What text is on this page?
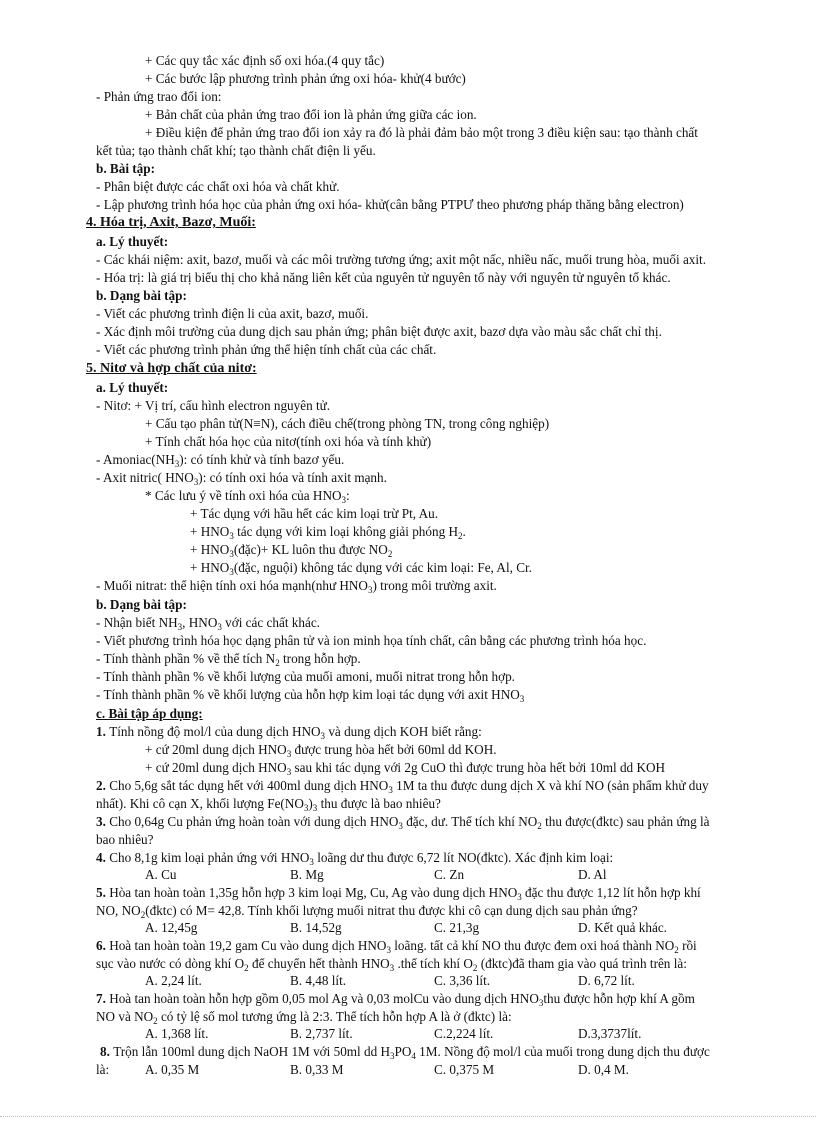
+ Các quy tắc xác định số oxi hóa.(4 quy tắc)
+ Các bước lập phương trình phản ứng oxi hóa- khử(4 bước)
- Phản ứng trao đổi ion:
+ Bản chất của phản ứng trao đổi ion là phản ứng giữa các ion.
+ Điều kiện để phản ứng trao đổi ion xảy ra đó là phải đảm bảo một trong 3 điều kiện sau: tạo thành chất
kết tủa; tạo thành chất khí; tạo thành chất điện li yếu.
b. Bài tập:
- Phân biệt được các chất oxi hóa và chất khử.
- Lập phương trình hóa học của phản ứng oxi hóa- khử(cân bằng PTPƯ theo phương pháp thăng bằng electron)
4. Hóa trị, Axit, Bazơ, Muối:
a. Lý thuyết:
- Các khái niệm: axit, bazơ, muối và các môi trường tương ứng; axit một nấc, nhiều nấc, muối trung hòa, muối axit.
- Hóa trị: là giá trị biểu thị cho khả năng liên kết của nguyên tử nguyên tố này với nguyên tử nguyên tố khác.
b. Dạng bài tập:
- Viết các phương trình điện li của axit, bazơ, muối.
- Xác định môi trường của dung dịch sau phản ứng; phân biệt được axit, bazơ dựa vào màu sắc chất chỉ thị.
- Viết các phương trình phản ứng thể hiện tính chất của các chất.
5. Nitơ và hợp chất của nitơ:
a. Lý thuyết:
- Nitơ: + Vị trí, cấu hình electron nguyên tử.
+ Cấu tạo phân tử(N≡N), cách điều chế(trong phòng TN, trong công nghiệp)
+ Tính chất hóa học của nitơ(tính oxi hóa và tính khử)
- $Amoniac(NH_3)$: có tính khử và tính bazơ yếu.
- Axit nitric( $HNO_3$): có tính oxi hóa và tính axit mạnh.
* Các lưu ý về tính oxi hóa của $HNO_3$:
+ Tác dụng với hầu hết các kim loại trừ Pt, Au.
+ $HNO_3$ tác dụng với kim loại không giải phóng $H_2$.
+ $HNO_3(đặc)+$ KL luôn thu được $NO_2$
+ $HNO_3(đặc$, nguội) không tác dụng với các kim loại: Fe, Al, Cr.
- Muối nitrat: thể hiện tính oxi hóa mạnh(như $HNO_3$) trong môi trường axit.
b. Dạng bài tập:
- Nhận biết $NH_3$, $HNO_3$ với các chất khác.
- Viết phương trình hóa học dạng phân tử và ion minh họa tính chất, cân bằng các phương trình hóa học.
- Tính thành phần % về thể tích $N_2$ trong hỗn hợp.
- Tính thành phần % về khối lượng của muối amoni, muối nitrat trong hỗn hợp.
- Tính thành phần % về khối lượng của hỗn hợp kim loại tác dụng với axit $HNO_3$
c. Bài tập áp dụng:
1. Tính nồng độ mol/l của dung dịch $HNO_3$ và dung dịch KOH biết rằng:
+ cứ 20ml dung dịch $HNO_3$ được trung hòa hết bởi 60ml dd KOH.
+ cứ 20ml dung dịch $HNO_3$ sau khi tác dụng với 2g CuO thì được trung hòa hết bởi 10ml dd KOH
2. Cho 5,6g sắt tác dụng hết với 400ml dung dịch $HNO_3$ 1M ta thu được dung dịch X và khí NO (sản phẩm khử duy
nhất). Khi cô cạn X, khối lượng $Fe(NO_3)_3$ thu được là bao nhiêu?
3. Cho 0,64g Cu phản ứng hoàn toàn với dung dịch $HNO_3$ đặc, dư. Thể tích khí $NO_2$ thu được(đktc) sau phản ứng là
bao nhiêu?
4. Cho 8,1g kim loại phản ứng với $HNO_3$ loãng dư thu được 6,72 lít NO(đktc). Xác định kim loại:
A. Cu	B. Mg	C. Zn	D. Al
5. Hòa tan hoàn toàn 1,35g hỗn hợp 3 kim loại Mg, Cu, Ag vào dung dịch $HNO_3$ đặc thu được 1,12 lít hỗn hợp khí
NO, $NO_2(đktc)$ có M= 42,8. Tính khối lượng muối nitrat thu được khi cô cạn dung dịch sau phản ứng?
A. 12,45g	B. 14,52g	C. 21,3g	D. Kết quả khác.
6. Hoà tan hoàn toàn 19,2 gam Cu vào dung dịch $HNO_3$ loãng. tất cả khí NO thu được đem oxi hoá thành $NO_2$ rồi
sục vào nước có dòng khí $O_2$ để chuyển hết thành $HNO_3$ .thể tích khí $O_2$ (đktc)đã tham gia vào quá trình trên là:
A. 2,24 lít.	B. 4,48 lít.	C. 3,36 lít.	D. 6,72 lít.
7. Hoà tan hoàn toàn hỗn hợp gồm 0,05 mol Ag và 0,03 molCu vào dung dịch $HNO_3thu$ được hỗn hợp khí A gồm
NO và $NO_2$ có tỷ lệ số mol tương ứng là 2:3. Thể tích hỗn hợp A là ở (đktc) là:
A. 1,368 lít.	B. 2,737 lít.	C.2,224 lít.	D.3,3737lít.
8. Trộn lẫn 100ml dung dịch NaOH 1M với 50ml dd $H_3PO_4$ 1M. Nồng độ mol/l của muối trong dung dịch thu được
là:	A. 0,35 M	B. 0,33 M	C. 0,375 M	D. 0,4 M.
